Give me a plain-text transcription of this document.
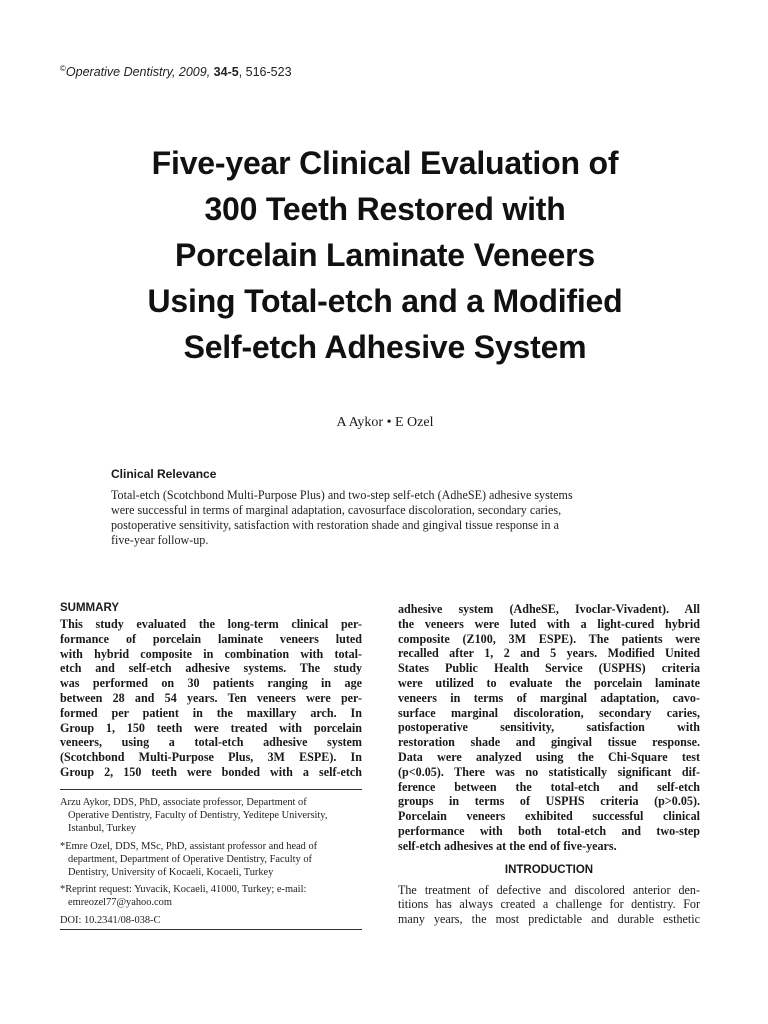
©Operative Dentistry, 2009, 34-5, 516-523
Five-year Clinical Evaluation of
300 Teeth Restored with
Porcelain Laminate Veneers
Using Total-etch and a Modified
Self-etch Adhesive System
A Aykor • E Ozel
Clinical Relevance
Total-etch (Scotchbond Multi-Purpose Plus) and two-step self-etch (AdheSE) adhesive systems
were successful in terms of marginal adaptation, cavosurface discoloration, secondary caries,
postoperative sensitivity, satisfaction with restoration shade and gingival tissue response in a
five-year follow-up.
SUMMARY
This study evaluated the long-term clinical per-
formance of porcelain laminate veneers luted
with hybrid composite in combination with total-
etch and self-etch adhesive systems. The study
was performed on 30 patients ranging in age
between 28 and 54 years. Ten veneers were per-
formed per patient in the maxillary arch. In
Group 1, 150 teeth were treated with porcelain
veneers, using a total-etch adhesive system
(Scotchbond Multi-Purpose Plus, 3M ESPE). In
Group 2, 150 teeth were bonded with a self-etch
Arzu Aykor, DDS, PhD, associate professor, Department of
Operative Dentistry, Faculty of Dentistry, Yeditepe University,
Istanbul, Turkey
*Emre Ozel, DDS, MSc, PhD, assistant professor and head of
department, Department of Operative Dentistry, Faculty of
Dentistry, University of Kocaeli, Kocaeli, Turkey
*Reprint request: Yuvacik, Kocaeli, 41000, Turkey; e-mail:
emreozel77@yahoo.com
DOI: 10.2341/08-038-C
adhesive system (AdheSE, Ivoclar-Vivadent). All
the veneers were luted with a light-cured hybrid
composite (Z100, 3M ESPE). The patients were
recalled after 1, 2 and 5 years. Modified United
States Public Health Service (USPHS) criteria
were utilized to evaluate the porcelain laminate
veneers in terms of marginal adaptation, cavo-
surface marginal discoloration, secondary caries,
postoperative sensitivity, satisfaction with
restoration shade and gingival tissue response.
Data were analyzed using the Chi-Square test
(p<0.05). There was no statistically significant dif-
ference between the total-etch and self-etch
groups in terms of USPHS criteria (p>0.05).
Porcelain veneers exhibited successful clinical
performance with both total-etch and two-step
self-etch adhesives at the end of five-years.
INTRODUCTION
The treatment of defective and discolored anterior den-
titions has always created a challenge for dentistry. For
many years, the most predictable and durable esthetic
